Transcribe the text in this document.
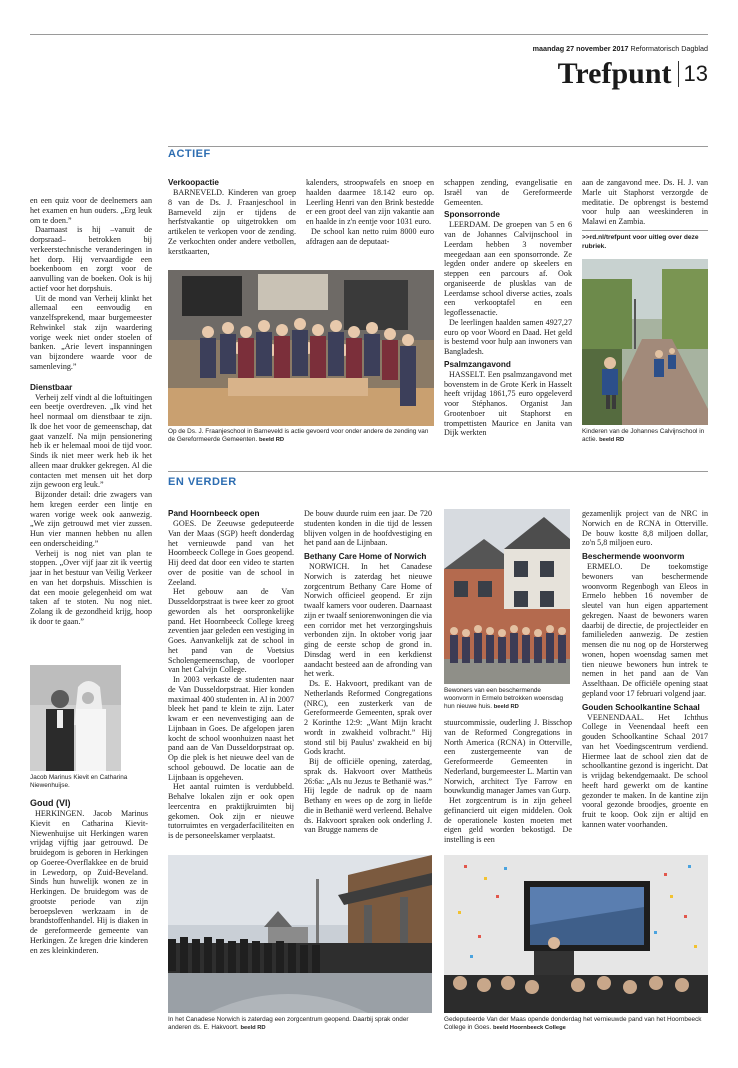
maandag 27 november 2017 Reformatorisch Dagblad
Trefpunt 13
ACTIEF

en een quiz voor de deelnemers aan het examen en hun ouders. „Erg leuk om te doen.”

Daarnaast is hij –vanuit de dorpsraad– betrokken bij verkeerstechnische veranderingen in het dorp. Hij vervaardigde een boekenboom en zorgt voor de aanvulling van de boeken. Ook is hij actief voor het dorpshuis.

Uit de mond van Verheij klinkt het allemaal een eenvoudig en vanzelfsprekend, maar burgemeester Rehwinkel stak zijn waardering vorige week niet onder stoelen of banken. „Arie levert inspanningen van bijzondere waarde voor de samenleving.”

Dienstbaar

Verheij zelf vindt al die loftuitingen een beetje overdreven. „Ik vind het heel normaal om dienstbaar te zijn. Ik doe het voor de gemeenschap, dat gaat vanzelf. Na mijn pensionering heb ik er helemaal mooi de tijd voor. Sinds ik niet meer werk heb ik het alleen maar drukker gekregen. Al die contacten met mensen uit het dorp zijn gewoon erg leuk.”

Bijzonder detail: drie zwagers van hem kregen eerder een lintje en waren vorige week ook aanwezig. „We zijn getrouwd met vier zussen. Hun vier mannen hebben nu allen een onderscheiding.”

Verheij is nog niet van plan te stoppen. „Over vijf jaar zit ik veertig jaar in het bestuur van Veilig Verkeer en van het dorpshuis. Misschien is dat een mooie gelegenheid om wat taken af te stoten. Nu nog niet. Zolang ik de gezondheid krijg, hoop ik door te gaan.”

Jacob Marinus Kievit en Catharina Niewenhuijse.
Goud (VI)

HERKINGEN. Jacob Marinus Kievit en Catharina Kievit-Niewenhuijse uit Herkingen waren vrijdag vijftig jaar getrouwd. De bruidegom is geboren in Herkingen op Goeree-Overflakkee en de bruid in Lewedorp, op Zuid-Beveland. Sinds hun huwelijk wonen ze in Herkingen. De bruidegom was de grootste periode van zijn beroepsleven werkzaam in de brandstoffenhandel. Hij is diaken in de gereformeerde gemeente van Herkingen. Ze kregen drie kinderen en zes kleinkinderen.

Verkoopactie

BARNEVELD. Kinderen van groep 8 van de Ds. J. Fraanjeschool in Barneveld zijn er tijdens de herfstvakantie op uitgetrokken om artikelen te verkopen voor de zending. Ze verkochten onder andere vetbollen, kerstkaarten,

kalenders, stroopwafels en snoep en haalden daarmee 18.142 euro op. Leerling Henri van den Brink bestedde er een groot deel van zijn vakantie aan en haalde in z'n eentje voor 1031 euro.

De school kan netto ruim 8000 euro afdragen aan de deputaat-

Op de Ds. J. Fraanjeschool in Barneveld is actie gevoerd voor onder andere de zending van de Gereformeerde Gemeenten. beeld RD

schappen zending, evangelisatie en Israël van de Gereformeerde Gemeenten.

Sponsorronde

LEERDAM. De groepen van 5 en 6 van de Johannes Calvijnschool in Leerdam hebben 3 november meegedaan aan een sponsorronde. Ze legden onder andere op skeelers en steppen een parcours af. Ook organiseerde de plusklas van de Leerdamse school diverse acties, zoals een verkooptafel en een legoflessenactie.

De leerlingen haalden samen 4927,27 euro op voor Woord en Daad. Het geld is bestemd voor hulp aan inwoners van Bangladesh.

Psalmzangavond

HASSELT. Een psalmzangavond met bovenstem in de Grote Kerk in Hasselt heeft vrijdag 1861,75 euro opgeleverd voor Stéphanos. Organist Jan Grootenboer uit Staphorst en trompettisten Maurice en Janita van Dijk werkten

aan de zangavond mee. Ds. H. J. van Marle uit Staphorst verzorgde de meditatie. De opbrengst is bestemd voor hulp aan weeskinderen in Malawi en Zambia.

>>rd.nl/trefpunt voor uitleg over deze rubriek.
Kinderen van de Johannes Calvijnschool in actie. beeld RD
EN VERDER
Pand Hoornbeeck open

GOES. De Zeeuwse gedeputeerde Van der Maas (SGP) heeft donderdag het vernieuwde pand van het Hoornbeeck College in Goes geopend. Hij deed dat door een video te starten over de positie van de school in Zeeland.

Het gebouw aan de Van Dusseldorpstraat is twee keer zo groot geworden als het oorspronkelijke pand. Het Hoornbeeck College kreeg zeventien jaar geleden een vestiging in Goes. Aanvankelijk zat de school in het pand van de Voetsius Scholengemeenschap, de voorloper van het Calvijn College.

In 2003 verkaste de studenten naar de Van Dusseldorpstraat. Hier konden maximaal 400 studenten in. Al in 2007 bleek het pand te klein te zijn. Later kwam er een nevenvestiging aan de Lijnbaan in Goes. De afgelopen jaren kocht de school woonhuizen naast het pand aan de Van Dusseldorpstraat op. Op die plek is het nieuwe deel van de school gebouwd. De locatie aan de Lijnbaan is opgeheven.

Het aantal ruimten is verdubbeld. Behalve lokalen zijn er ook open leercentra en praktijkruimten bij gekomen. Ook zijn er nieuwe tutorruimtes en vergaderfaciliteiten en is de personeelskamer verplaatst.

De bouw duurde ruim een jaar. De 720 studenten konden in die tijd de lessen blijven volgen in de hoofdvestiging en het pand aan de Lijnbaan.

Bethany Care Home of Norwich

NORWICH. In het Canadese Norwich is zaterdag het nieuwe zorgcentrum Bethany Care Home of Norwich officieel geopend. Er zijn twaalf kamers voor ouderen. Daarnaast zijn er twaalf seniorenwoningen die via een corridor met het verzorgingshuis verbonden zijn. In oktober vorig jaar ging de eerste schop de grond in. Dinsdag werd in een kerkdienst aandacht besteed aan de afronding van het werk.

Ds. E. Hakvoort, predikant van de Netherlands Reformed Congregations (NRC), een zusterkerk van de Gereformeerde Gemeenten, sprak over 2 Korinthe 12:9: „Want Mijn kracht wordt in zwakheid volbracht.” Hij stond stil bij Paulus' zwakheid en bij Gods kracht.

Bij de officiële opening, zaterdag, sprak ds. Hakvoort over Mattheüs 26:6a: „Als nu Jezus te Bethanië was.” Hij legde de nadruk op de naam Bethany en wees op de zorg in liefde die in Bethanië werd verleend. Behalve ds. Hakvoort spraken ook onderling J. van Brugge namens de

Bewoners van een beschermende woonvorm in Ermelo betrokken woensdag hun nieuwe huis. beeld RD

stuurcommissie, ouderling J. Bisschop van de Reformed Congregations in North America (RCNA) in Otterville, een zustergemeente van de Gereformeerde Gemeenten in Nederland, burgemeester L. Martin van Norwich, architect Tye Farrow en bouwkundig manager James van Gurp.

Het zorgcentrum is in zijn geheel gefinancierd uit eigen middelen. Ook de operationele kosten moeten met eigen geld worden bekostigd. De instelling is een

gezamenlijk project van de NRC in Norwich en de RCNA in Otterville. De bouw kostte 8,8 miljoen dollar, zo'n 5,8 miljoen euro.

Beschermende woonvorm

ERMELO. De toekomstige bewoners van beschermende woonvorm Regenbogh van Eleos in Ermelo hebben 16 november de sleutel van hun eigen appartement gekregen. Naast de bewoners waren daarbij de directie, de projectleider en familieleden aanwezig. De zestien mensen die nu nog op de Horsterweg wonen, hopen woensdag samen met tien nieuwe bewoners hun intrek te nemen in het pand aan de Van Asselthaan. De officiële opening staat gepland voor 17 februari volgend jaar.

Gouden Schoolkantine Schaal

VEENENDAAL. Het Ichthus College in Veenendaal heeft een gouden Schoolkantine Schaal 2017 van het Voedingscentrum verdiend. Hiermee laat de school zien dat de schoolkantine gezond is ingericht. Dat is vrijdag bekendgemaakt. De school heeft hard gewerkt om de kantine gezonder te maken. In de kantine zijn vooral gezonde broodjes, groente en fruit te koop. Ook zijn er altijd en kannen water voorhanden.

In het Canadese Norwich is zaterdag een zorgcentrum geopend. Daarbij sprak onder anderen ds. E. Hakvoort. beeld RD
Gedeputeerde Van der Maas opende donderdag het vernieuwde pand van het Hoornbeeck College in Goes. beeld Hoornbeeck College
